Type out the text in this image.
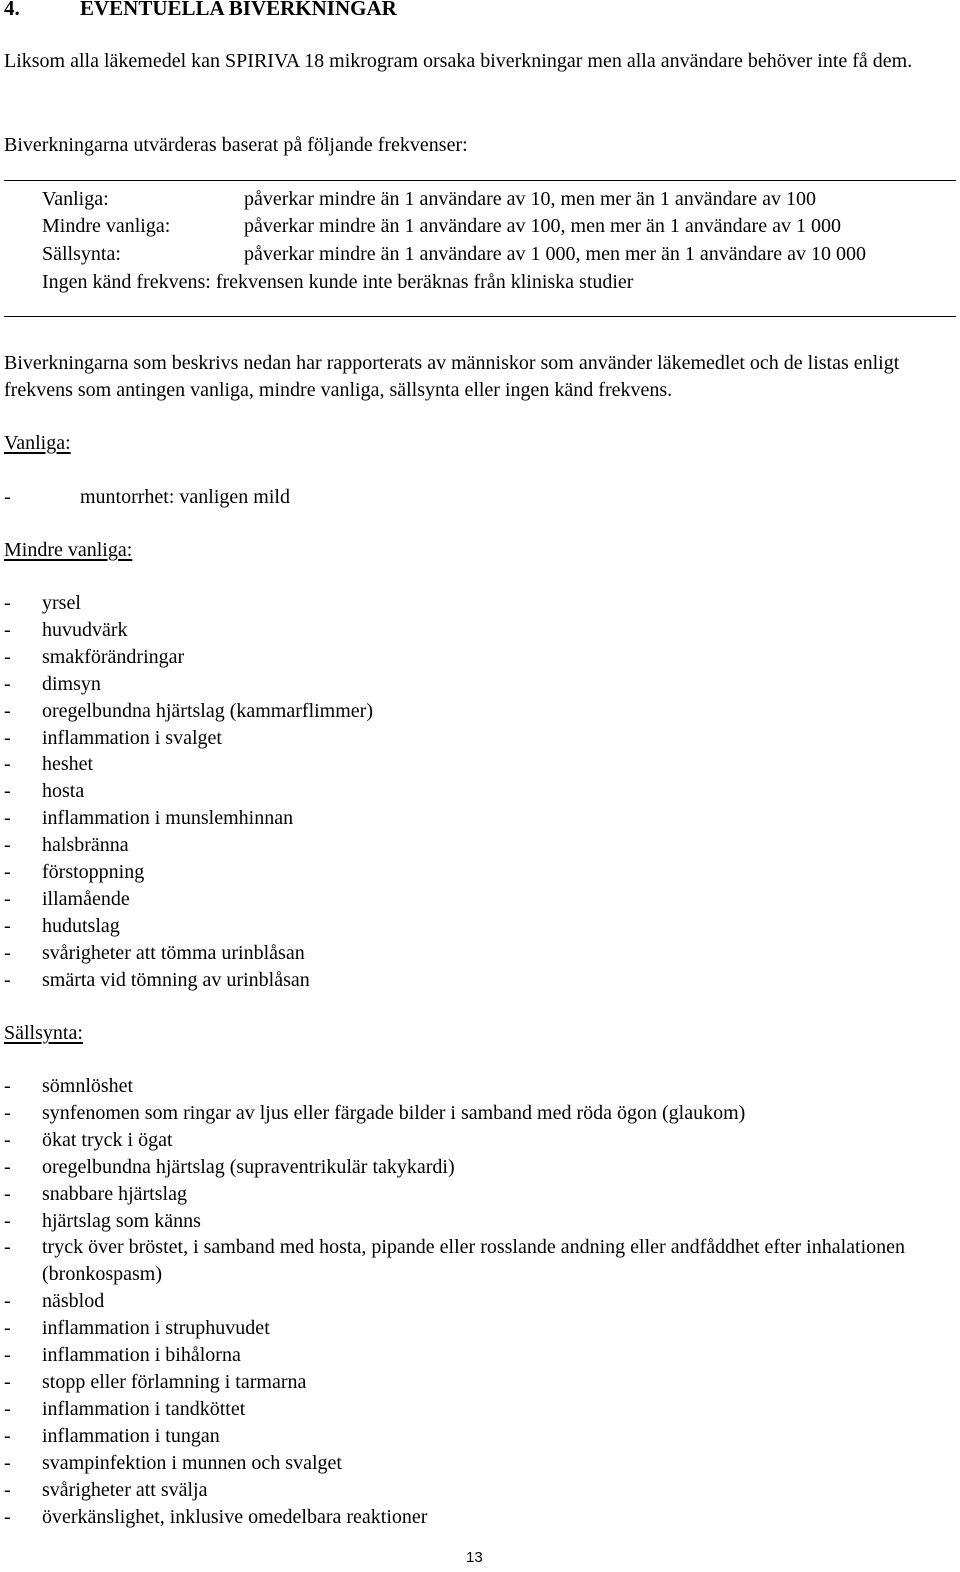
4.	EVENTUELLA BIVERKNINGAR
Liksom alla läkemedel kan SPIRIVA 18 mikrogram orsaka biverkningar men alla användare behöver inte få dem.
Biverkningarna utvärderas baserat på följande frekvenser:
Vanliga:	påverkar mindre än 1 användare av 10, men mer än 1 användare av 100
Mindre vanliga:	påverkar mindre än 1 användare av 100, men mer än 1 användare av 1 000
Sällsynta:	påverkar mindre än 1 användare av 1 000, men mer än 1 användare av 10 000
Ingen känd frekvens: frekvensen kunde inte beräknas från kliniska studier
Biverkningarna som beskrivs nedan har rapporterats av människor som använder läkemedlet och de listas enligt frekvens som antingen vanliga, mindre vanliga, sällsynta eller ingen känd frekvens.
Vanliga:
-	muntorrhet: vanligen mild
Mindre vanliga:
- yrsel
- huvudvärk
- smakförändringar
- dimsyn
- oregelbundna hjärtslag (kammarflimmer)
- inflammation i svalget
- heshet
- hosta
- inflammation i munslemhinnan
- halsbränna
- förstoppning
- illamående
- hudutslag
- svårigheter att tömma urinblåsan
- smärta vid tömning av urinblåsan
Sällsynta:
- sömnlöshet
- synfenomen som ringar av ljus eller färgade bilder i samband med röda ögon (glaukom)
- ökat tryck i ögat
- oregelbundna hjärtslag (supraventrikulär takykardi)
- snabbare hjärtslag
- hjärtslag som känns
- tryck över bröstet, i samband med hosta, pipande eller rosslande andning eller andfåddhet efter inhalationen (bronkospasm)
- näsblod
- inflammation i struphuvudet
- inflammation i bihålorna
- stopp eller förlamning i tarmarna
- inflammation i tandköttet
- inflammation i tungan
- svampinfektion i munnen och svalget
- svårigheter att svälja
- överkänslighet, inklusive omedelbara reaktioner
13
